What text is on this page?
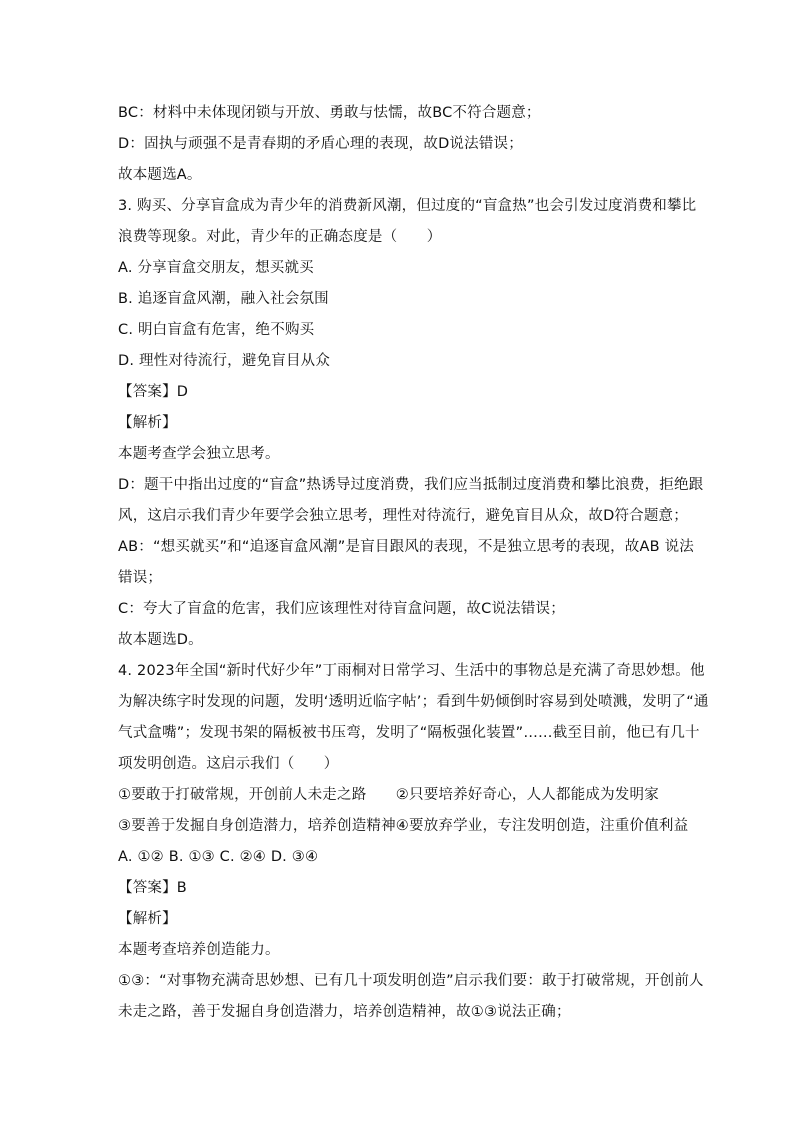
BC：材料中未体现闭锁与开放、勇敢与怯懦，故BC不符合题意；
D：固执与顽强不是青春期的矛盾心理的表现，故D说法错误；
故本题选A。
3. 购买、分享盲盒成为青少年的消费新风潮，但过度的“盲盒热”也会引发过度消费和攀比
浪费等现象。对此，青少年的正确态度是（　　）
A. 分享盲盒交朋友，想买就买
B. 追逐盲盒风潮，融入社会氛围
C. 明白盲盒有危害，绝不购买
D. 理性对待流行，避免盲目从众
【答案】D
【解析】
本题考查学会独立思考。
D：题干中指出过度的“盲盒”热诱导过度消费，我们应当抵制过度消费和攀比浪费，拒绝跟
风，这启示我们青少年要学会独立思考，理性对待流行，避免盲目从众，故D符合题意；
AB：“想买就买”和“追逐盲盒风潮”是盲目跟风的表现，不是独立思考的表现，故AB 说法
错误；
C：夸大了盲盒的危害，我们应该理性对待盲盒问题，故C说法错误；
故本题选D。
4. 2023年全国“新时代好少年”丁雨桐对日常学习、生活中的事物总是充满了奇思妙想。他
为解决练字时发现的问题，发明‘透明近临字帖’；看到牛奶倾倒时容易到处喷溅，发明了“通
气式盒嘴”；发现书架的隔板被书压弯，发明了“隔板强化装置”……截至目前，他已有几十
项发明创造。这启示我们（　　）
①要敢于打破常规，开创前人未走之路　　②只要培养好奇心，人人都能成为发明家
③要善于发掘自身创造潜力，培养创造精神④要放弃学业，专注发明创造，注重价值利益
A. ①② B. ①③ C. ②④ D. ③④
【答案】B
【解析】
本题考查培养创造能力。
①③：“对事物充满奇思妙想、已有几十项发明创造”启示我们要：敢于打破常规，开创前人
未走之路，善于发掘自身创造潜力，培养创造精神，故①③说法正确；
